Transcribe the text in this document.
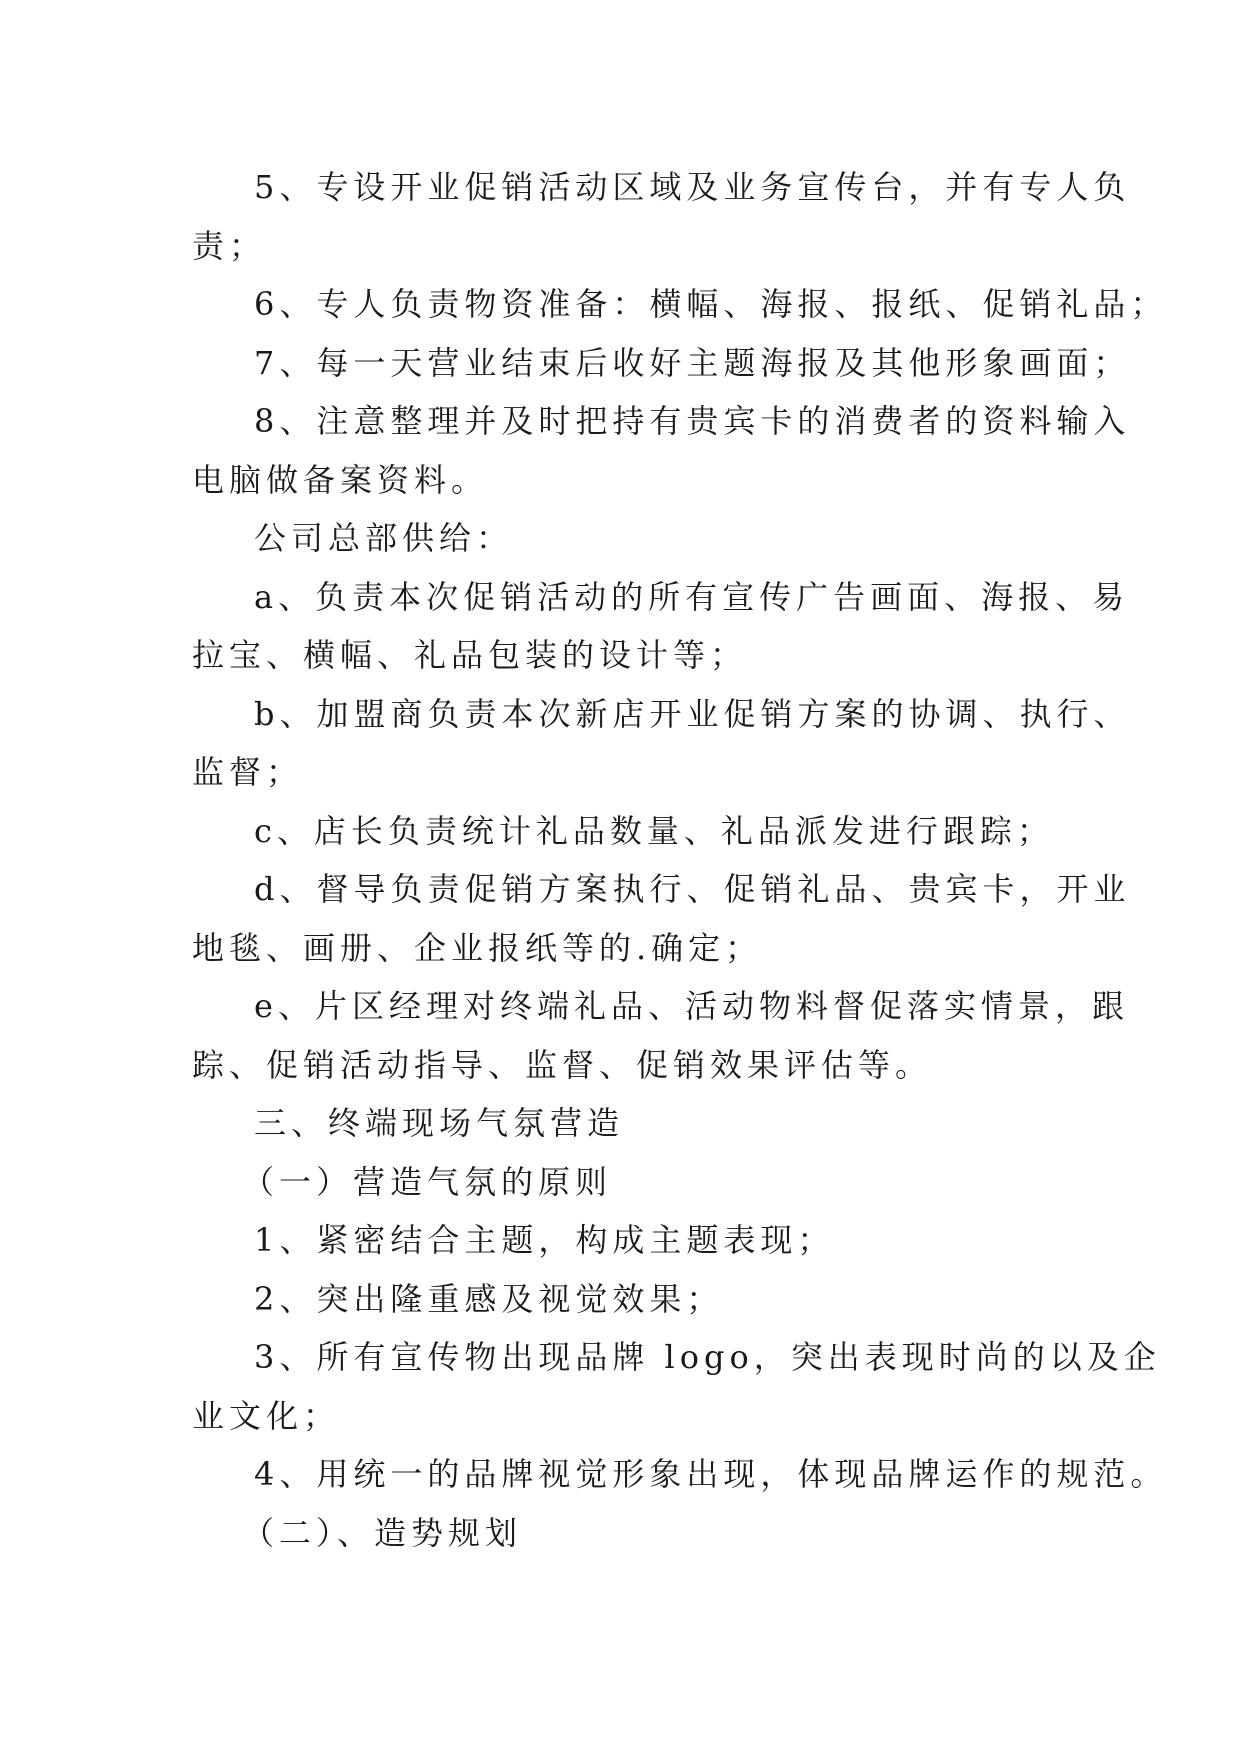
5、专设开业促销活动区域及业务宣传台，并有专人负

责；

6、专人负责物资准备：横幅、海报、报纸、促销礼品；

7、每一天营业结束后收好主题海报及其他形象画面；

8、注意整理并及时把持有贵宾卡的消费者的资料输入

电脑做备案资料。

公司总部供给：

a、负责本次促销活动的所有宣传广告画面、海报、易

拉宝、横幅、礼品包装的设计等；

b、加盟商负责本次新店开业促销方案的协调、执行、

监督；

c、店长负责统计礼品数量、礼品派发进行跟踪；

d、督导负责促销方案执行、促销礼品、贵宾卡，开业

地毯、画册、企业报纸等的.确定；

e、片区经理对终端礼品、活动物料督促落实情景，跟

踪、促销活动指导、监督、促销效果评估等。

三、终端现场气氛营造

（一）营造气氛的原则

1、紧密结合主题，构成主题表现；

2、突出隆重感及视觉效果；

3、所有宣传物出现品牌 logo，突出表现时尚的以及企

业文化；

4、用统一的品牌视觉形象出现，体现品牌运作的规范。

（二）、造势规划
